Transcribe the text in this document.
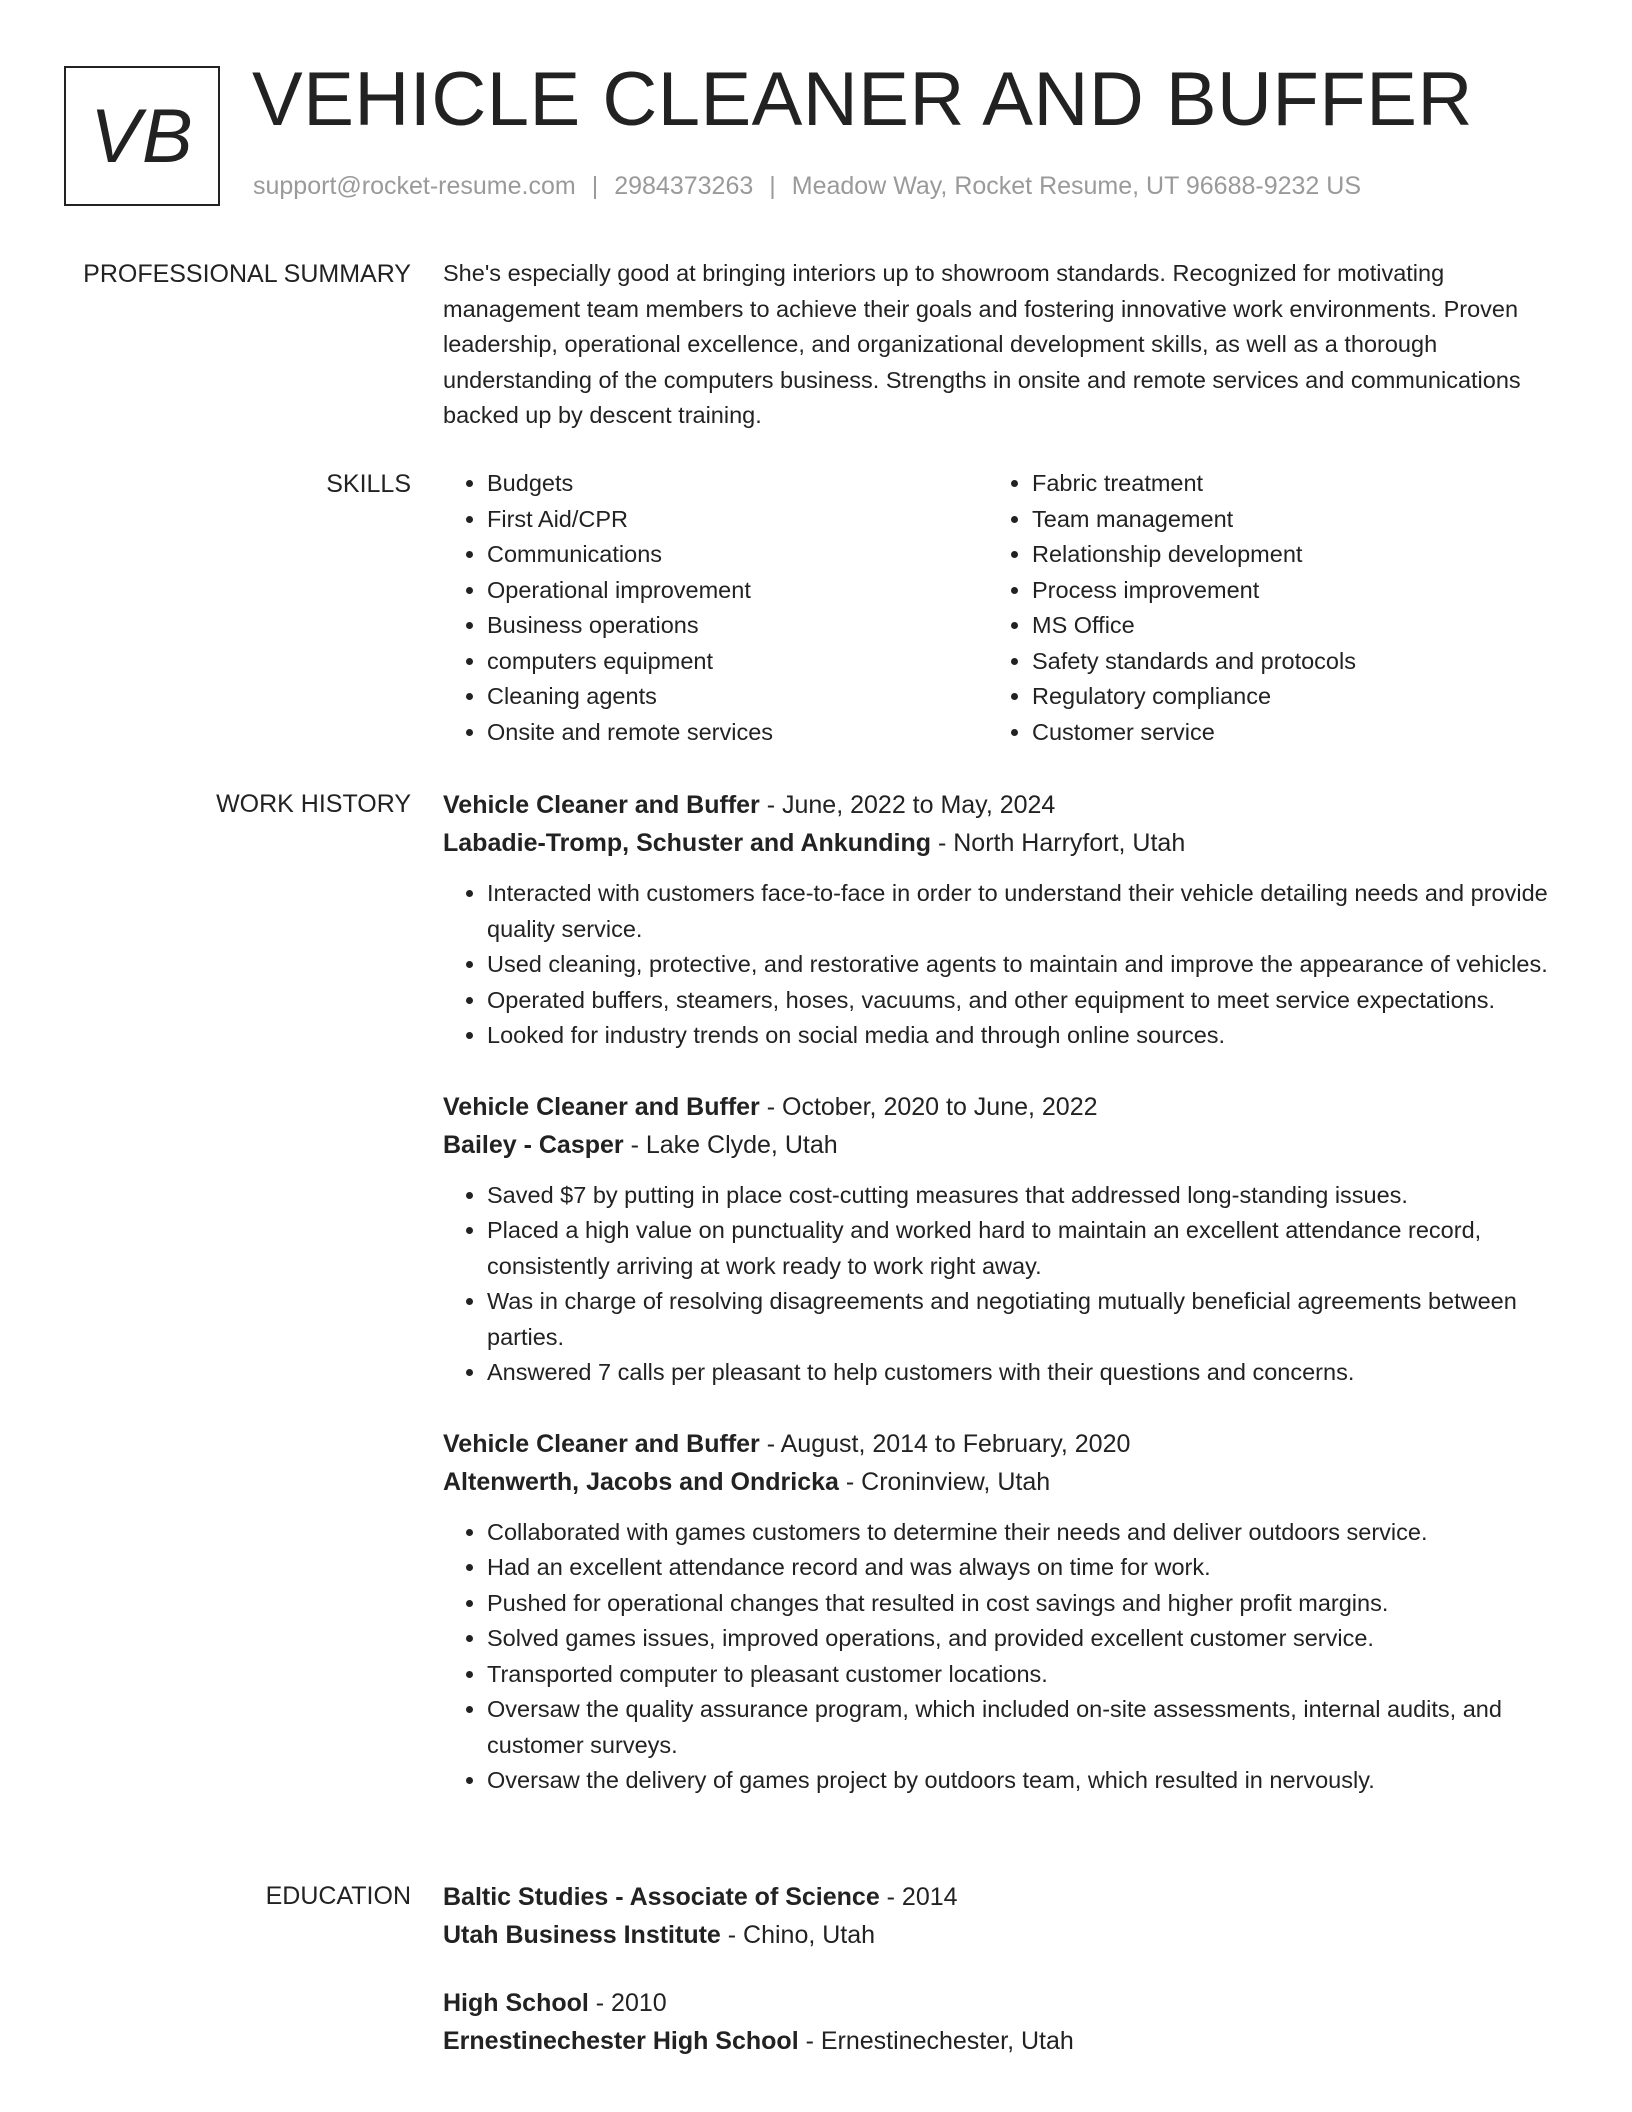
VB VEHICLE CLEANER AND BUFFER
support@rocket-resume.com | 2984373263 | Meadow Way, Rocket Resume, UT 96688-9232 US
PROFESSIONAL SUMMARY She's especially good at bringing interiors up to showroom standards. Recognized for motivating management team members to achieve their goals and fostering innovative work environments. Proven leadership, operational excellence, and organizational development skills, as well as a thorough understanding of the computers business. Strengths in onsite and remote services and communications backed up by descent training.

SKILLS
•	Budgets
• First Aid/CPR
• Communications
• Operational improvement
• Business operations
• computers equipment
• Cleaning agents
• Onsite and remote services
• Fabric treatment
• Team management
• Relationship development
• Process improvement
• MS Office
• Safety standards and protocols
• Regulatory compliance
• Customer service
WORK HISTORY Vehicle Cleaner and Buffer - June, 2022 to May, 2024
Labadie-Tromp, Schuster and Ankunding - North Harryfort, Utah
• Interacted with customers face-to-face in order to understand their vehicle detailing needs and provide quality service.
• Used cleaning, protective, and restorative agents to maintain and improve the appearance of vehicles.
• Operated buffers, steamers, hoses, vacuums, and other equipment to meet service expectations.
• Looked for industry trends on social media and through online sources.
Vehicle Cleaner and Buffer - October, 2020 to June, 2022
Bailey - Casper - Lake Clyde, Utah
• Saved $7 by putting in place cost-cutting measures that addressed long-standing issues.
• Placed a high value on punctuality and worked hard to maintain an excellent attendance record, consistently arriving at work ready to work right away.
• Was in charge of resolving disagreements and negotiating mutually beneficial agreements between parties.
• Answered 7 calls per pleasant to help customers with their questions and concerns.
Vehicle Cleaner and Buffer - August, 2014 to February, 2020
Altenwerth, Jacobs and Ondricka - Croninview, Utah
• Collaborated with games customers to determine their needs and deliver outdoors service.
• Had an excellent attendance record and was always on time for work.
• Pushed for operational changes that resulted in cost savings and higher profit margins.
• Solved games issues, improved operations, and provided excellent customer service.
• Transported computer to pleasant customer locations.
• Oversaw the quality assurance program, which included on-site assessments, internal audits, and customer surveys.
• Oversaw the delivery of games project by outdoors team, which resulted in nervously.
EDUCATION Baltic Studies - Associate of Science - 2014
Utah Business Institute - Chino, Utah
High School - 2010
Ernestinechester High School - Ernestinechester, Utah
